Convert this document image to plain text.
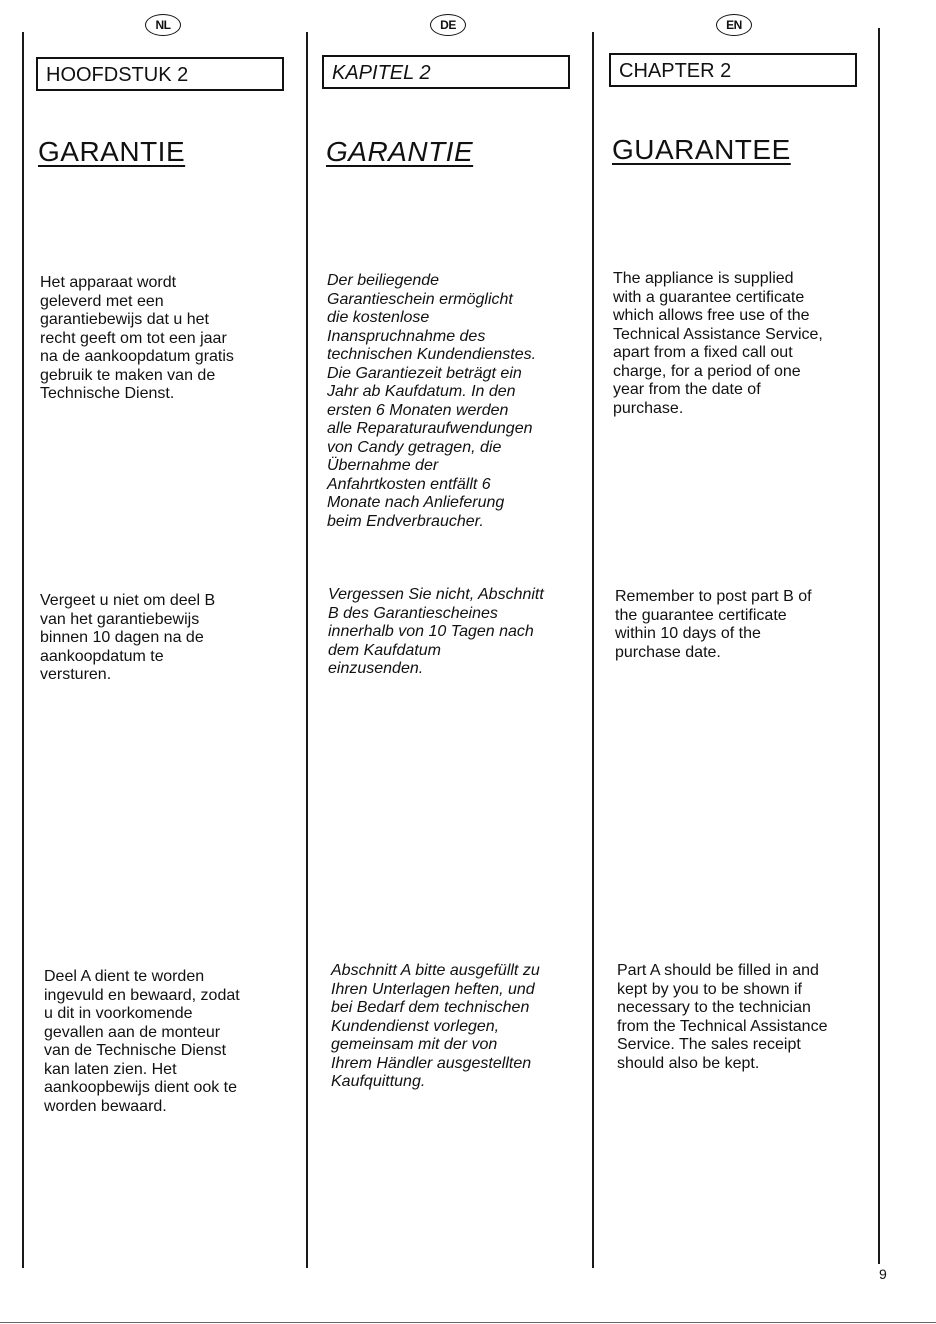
NL	DE	EN
HOOFDSTUK 2	KAPITEL 2	CHAPTER 2
GARANTIE	GARANTIE	GUARANTEE

Het apparaat wordt
geleverd met een
garantiebewijs dat u het
recht geeft om tot een jaar
na de aankoopdatum gratis
gebruik te maken van de
Technische Dienst.

Vergeet u niet om deel B
van het garantiebewijs
binnen 10 dagen na de
aankoopdatum te
versturen.

Deel A dient te worden
ingevuld en bewaard, zodat
u dit in voorkomende
gevallen aan de monteur
van de Technische Dienst
kan laten zien. Het
aankoopbewijs dient ook te
worden bewaard.

Der beiliegende
Garantieschein ermöglicht
die kostenlose
Inanspruchnahme des
technischen Kundendienstes.
Die Garantiezeit beträgt ein
Jahr ab Kaufdatum. In den
ersten 6 Monaten werden
alle Reparaturaufwendungen
von Candy getragen, die
Übernahme der
Anfahrtkosten entfällt 6
Monate nach Anlieferung
beim Endverbraucher.

Vergessen Sie nicht, Abschnitt
B des Garantiescheines
innerhalb von 10 Tagen nach
dem Kaufdatum
einzusenden.

Abschnitt A bitte ausgefüllt zu
Ihren Unterlagen heften, und
bei Bedarf dem technischen
Kundendienst vorlegen,
gemeinsam mit der von
Ihrem Händler ausgestellten
Kaufquittung.

The appliance is supplied
with a guarantee certificate
which allows free use of the
Technical Assistance Service,
apart from a fixed call out
charge, for a period of one
year from the date of
purchase.

Remember to post part B of
the guarantee certificate
within 10 days of the
purchase date.

Part A should be filled in and
kept by you to be shown if
necessary to the technician
from the Technical Assistance
Service. The sales receipt
should also be kept.

9
